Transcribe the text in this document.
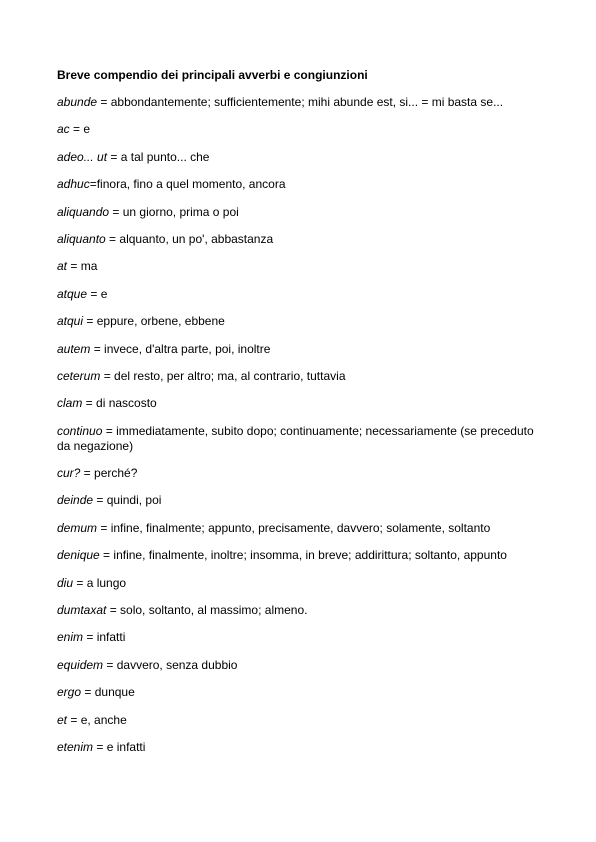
Breve compendio dei principali avverbi e congiunzioni
abunde = abbondantemente; sufficientemente; mihi abunde est, si... = mi basta se...
ac = e
adeo... ut = a tal punto... che
adhuc=finora, fino a quel momento, ancora
aliquando = un giorno, prima o poi
aliquanto = alquanto, un po', abbastanza
at = ma
atque = e
atqui = eppure, orbene, ebbene
autem = invece, d'altra parte, poi, inoltre
ceterum = del resto, per altro; ma, al contrario, tuttavia
clam = di nascosto
continuo = immediatamente, subito dopo; continuamente; necessariamente (se preceduto da negazione)
cur? = perché?
deinde = quindi, poi
demum = infine, finalmente; appunto, precisamente, davvero; solamente, soltanto
denique = infine, finalmente, inoltre; insomma, in breve; addirittura; soltanto, appunto
diu = a lungo
dumtaxat = solo, soltanto, al massimo; almeno.
enim = infatti
equidem = davvero, senza dubbio
ergo = dunque
et = e, anche
etenim = e infatti
